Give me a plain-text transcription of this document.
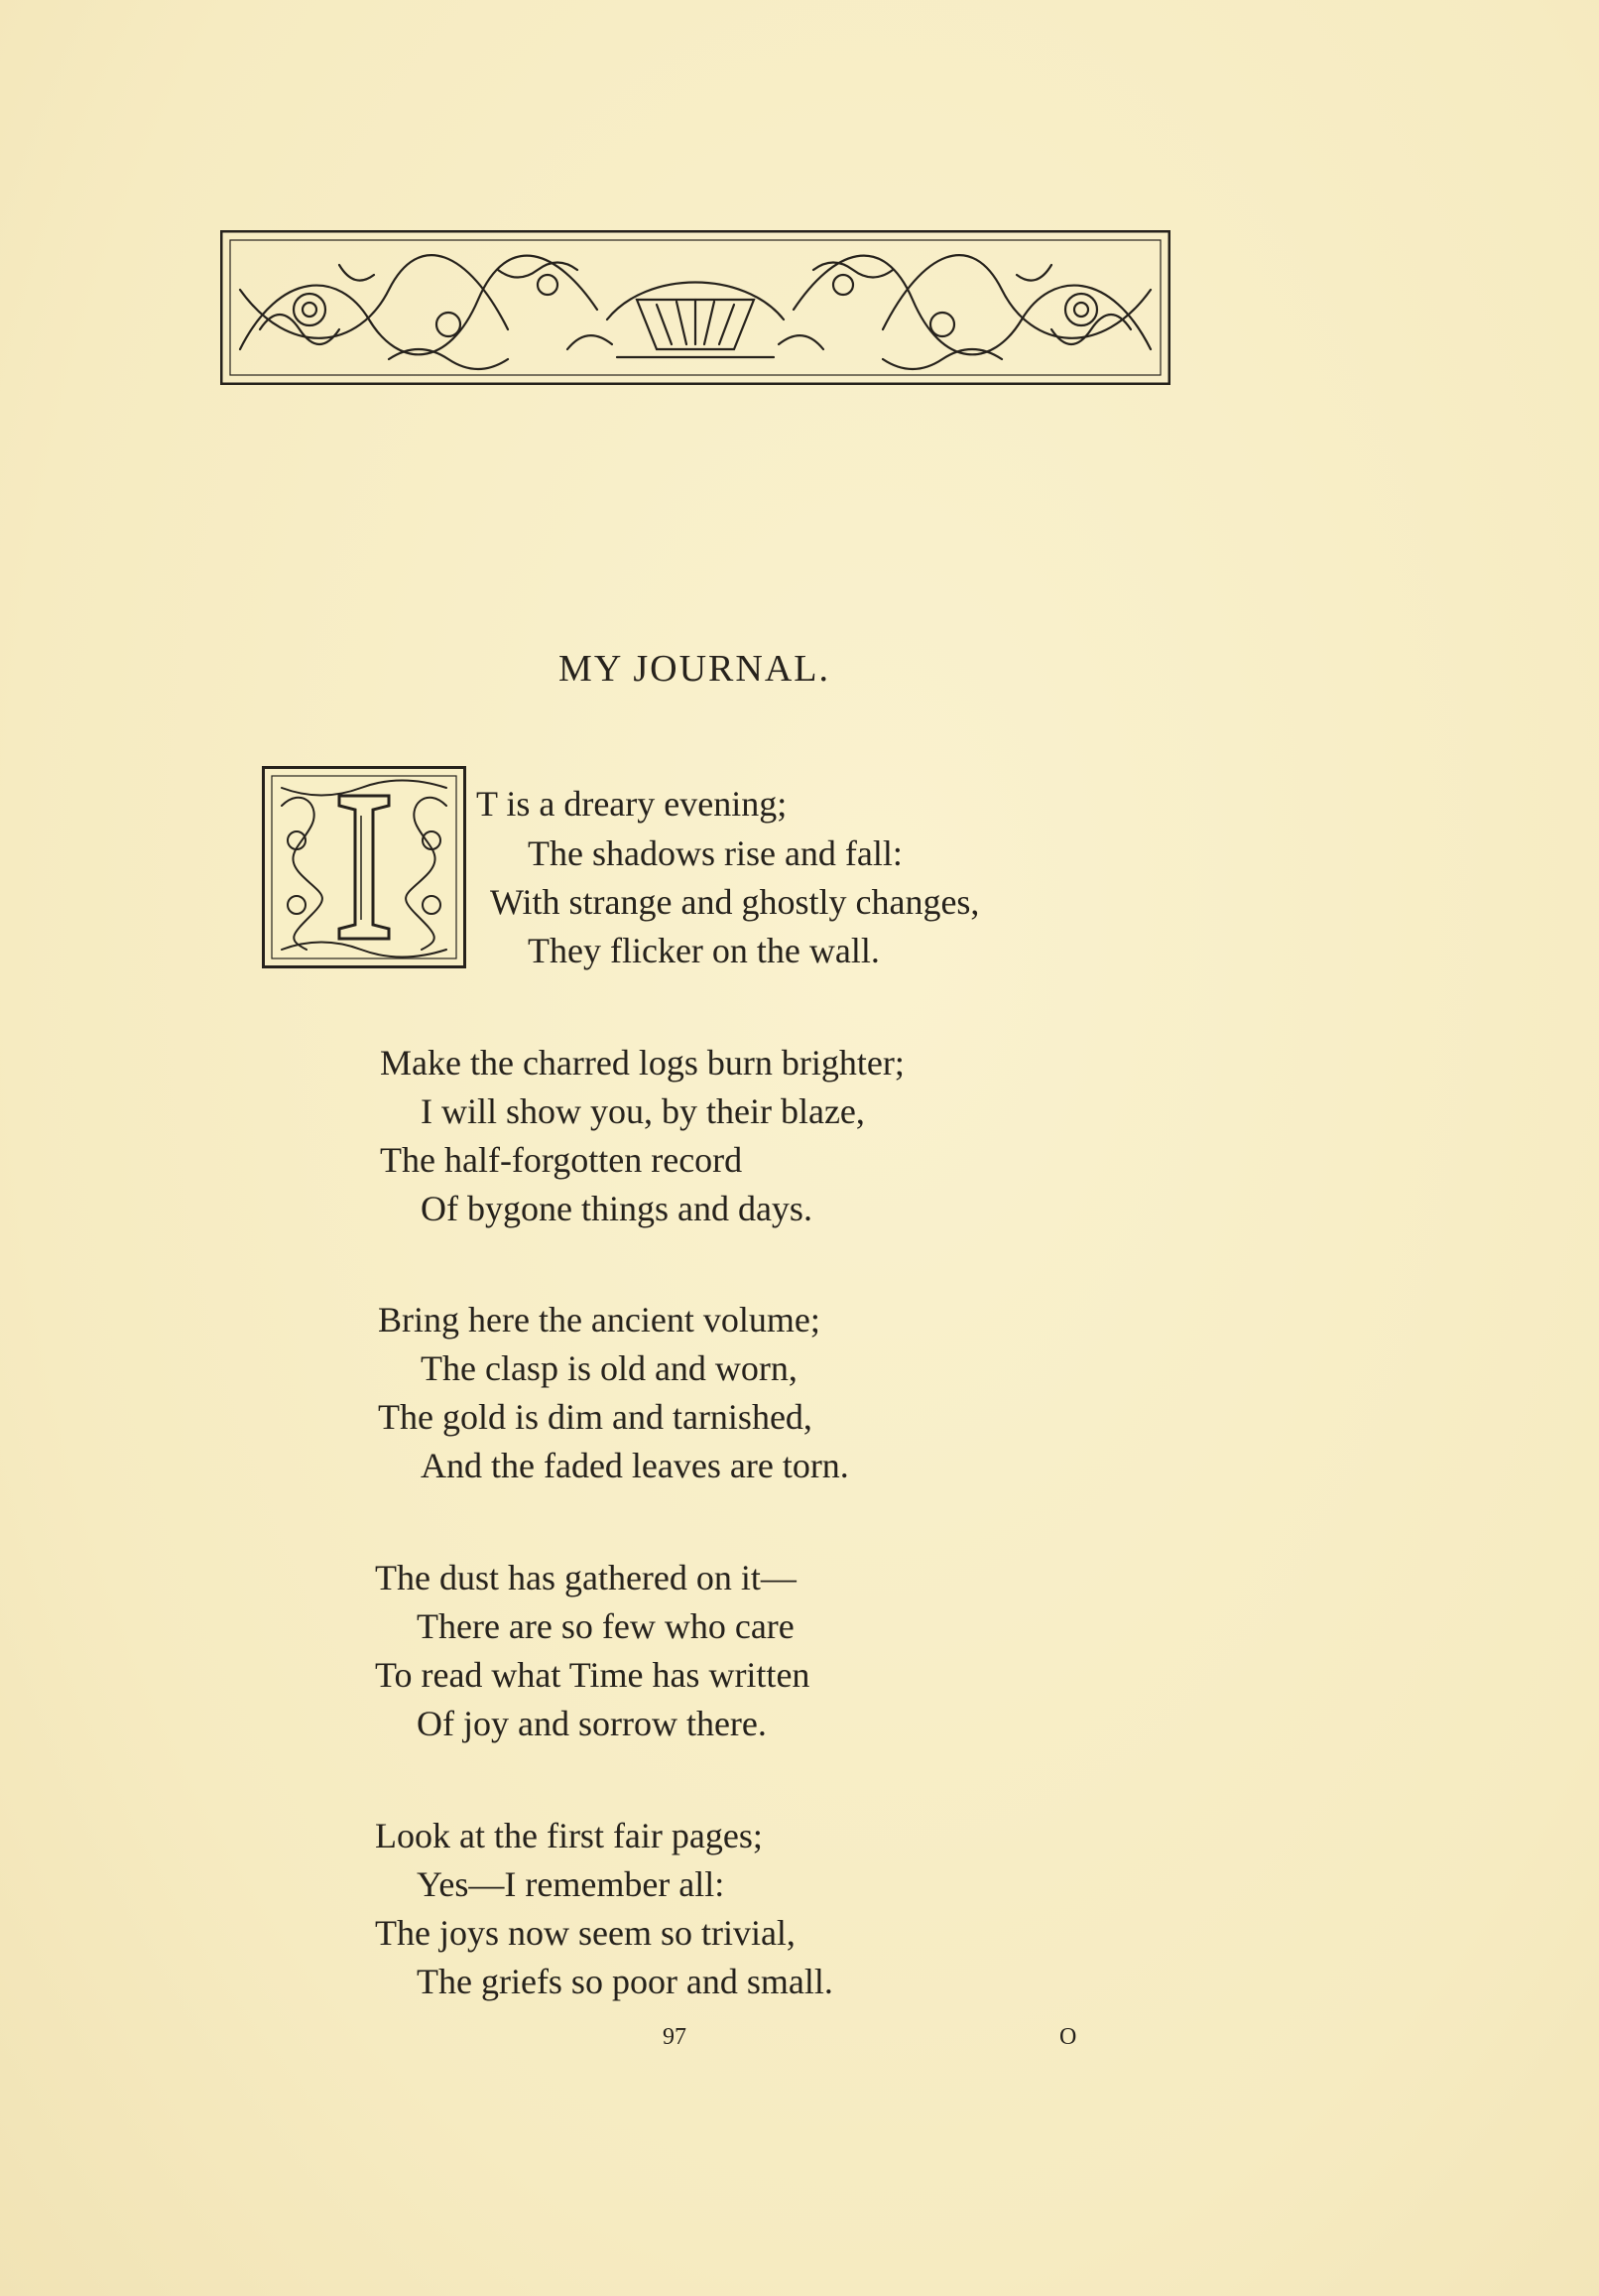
MY JOURNAL.
T is a dreary evening;
The shadows rise and fall:
With strange and ghostly changes,
They flicker on the wall.
Make the charred logs burn brighter;
I will show you, by their blaze,
The half-forgotten record
Of bygone things and days.
Bring here the ancient volume;
The clasp is old and worn,
The gold is dim and tarnished,
And the faded leaves are torn.
The dust has gathered on it—
There are so few who care
To read what Time has written
Of joy and sorrow there.
Look at the first fair pages;
Yes—I remember all:
The joys now seem so trivial,
The griefs so poor and small.
97	O
